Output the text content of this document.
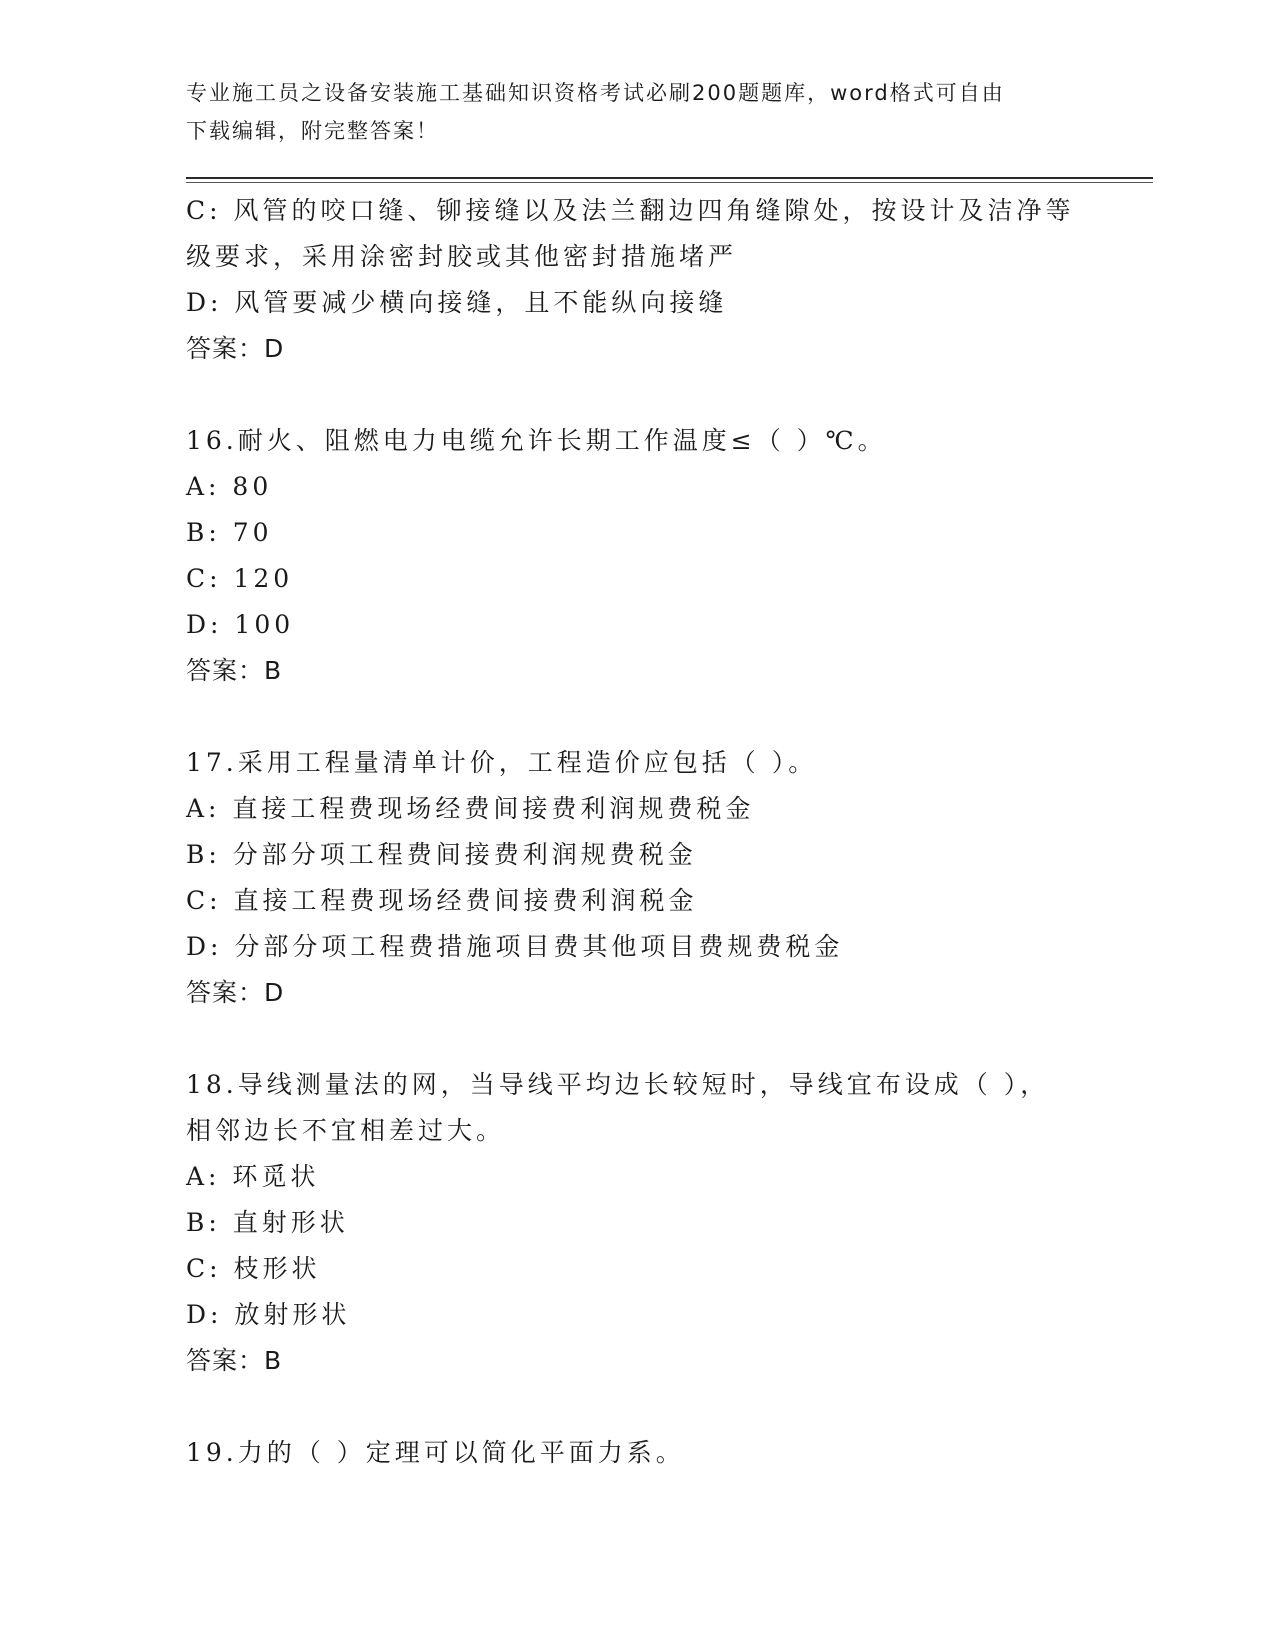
专业施工员之设备安装施工基础知识资格考试必刷200题题库，word格式可自由
下载编辑，附完整答案！
C: 风管的咬口缝、铆接缝以及法兰翻边四角缝隙处，按设计及洁净等
级要求，采用涂密封胶或其他密封措施堵严
D: 风管要减少横向接缝，且不能纵向接缝
答案：D
16.耐火、阻燃电力电缆允许长期工作温度≤（ ）℃。
A: 80
B: 70
C: 120
D: 100
答案：B
17.采用工程量清单计价，工程造价应包括（ ）。
A: 直接工程费现场经费间接费利润规费税金
B: 分部分项工程费间接费利润规费税金
C: 直接工程费现场经费间接费利润税金
D: 分部分项工程费措施项目费其他项目费规费税金
答案：D
18.导线测量法的网，当导线平均边长较短时，导线宜布设成（ ），
相邻边长不宜相差过大。
A: 环觅状
B: 直射形状
C: 枝形状
D: 放射形状
答案：B
19.力的（ ）定理可以简化平面力系。
